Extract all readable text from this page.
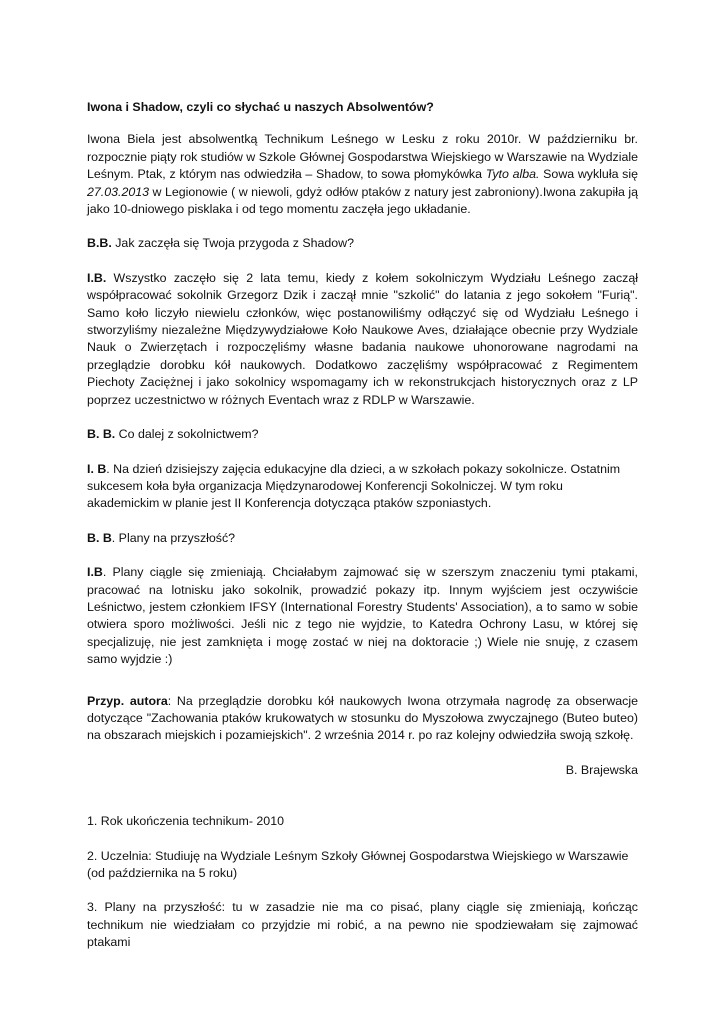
Iwona i Shadow, czyli co słychać u naszych Absolwentów?

Iwona Biela jest absolwentką Technikum Leśnego w Lesku z roku 2010r. W październiku br. rozpocznie piąty rok studiów w Szkole Głównej Gospodarstwa Wiejskiego w Warszawie na Wydziale Leśnym. Ptak, z którym nas odwiedziła – Shadow, to sowa płomykówka Tyto alba. Sowa wykluła się 27.03.2013 w Legionowie ( w niewoli, gdyż odłów ptaków z natury jest zabroniony).Iwona zakupiła ją jako 10-dniowego pisklaka i od tego momentu zaczęła jego układanie.

B.B. Jak zaczęła się Twoja przygoda z Shadow?

I.B. Wszystko zaczęło się 2 lata temu, kiedy z kołem sokolniczym Wydziału Leśnego zaczął współpracować sokolnik Grzegorz Dzik i zaczął mnie "szkolić" do latania z jego sokołem "Furią". Samo koło liczyło niewielu członków, więc postanowiliśmy odłączyć się od Wydziału Leśnego i stworzyliśmy niezależne Międzywydziałowe Koło Naukowe Aves, działające obecnie przy Wydziale Nauk o Zwierzętach i rozpoczęliśmy własne badania naukowe uhonorowane nagrodami na przeglądzie dorobku kół naukowych. Dodatkowo zaczęliśmy współpracować z Regimentem Piechoty Zaciężnej i jako sokolnicy wspomagamy ich w rekonstrukcjach historycznych oraz z LP poprzez uczestnictwo w różnych Eventach wraz z RDLP w Warszawie.

B. B. Co dalej z sokolnictwem?

I. B. Na dzień dzisiejszy zajęcia edukacyjne dla dzieci, a w szkołach pokazy sokolnicze. Ostatnim sukcesem koła była organizacja Międzynarodowej Konferencji Sokolniczej. W tym roku akademickim w planie jest II Konferencja dotycząca ptaków szponiastych.

B. B. Plany na przyszłość?

I.B. Plany ciągle się zmieniają. Chciałabym zajmować się w szerszym znaczeniu tymi ptakami, pracować na lotnisku jako sokolnik, prowadzić pokazy itp. Innym wyjściem jest oczywiście Leśnictwo, jestem członkiem IFSY (International Forestry Students' Association), a to samo w sobie otwiera sporo możliwości. Jeśli nic z tego nie wyjdzie, to Katedra Ochrony Lasu, w której się specjalizuję, nie jest zamknięta i mogę zostać w niej na doktoracie ;) Wiele nie snuję, z czasem samo wyjdzie :)

Przyp. autora: Na przeglądzie dorobku kół naukowych Iwona otrzymała nagrodę za obserwacje dotyczące "Zachowania ptaków krukowatych w stosunku do Myszołowa zwyczajnego (Buteo buteo) na obszarach miejskich i pozamiejskich". 2 września 2014 r. po raz kolejny odwiedziła swoją szkołę.

B. Brajewska

1. Rok ukończenia technikum- 2010

2. Uczelnia: Studiuję na Wydziale Leśnym Szkoły Głównej Gospodarstwa Wiejskiego w Warszawie (od października na 5 roku)

3. Plany na przyszłość: tu w zasadzie nie ma co pisać, plany ciągle się zmieniają, kończąc technikum nie wiedziałam co przyjdzie mi robić, a na pewno nie spodziewałam się zajmować ptakami
